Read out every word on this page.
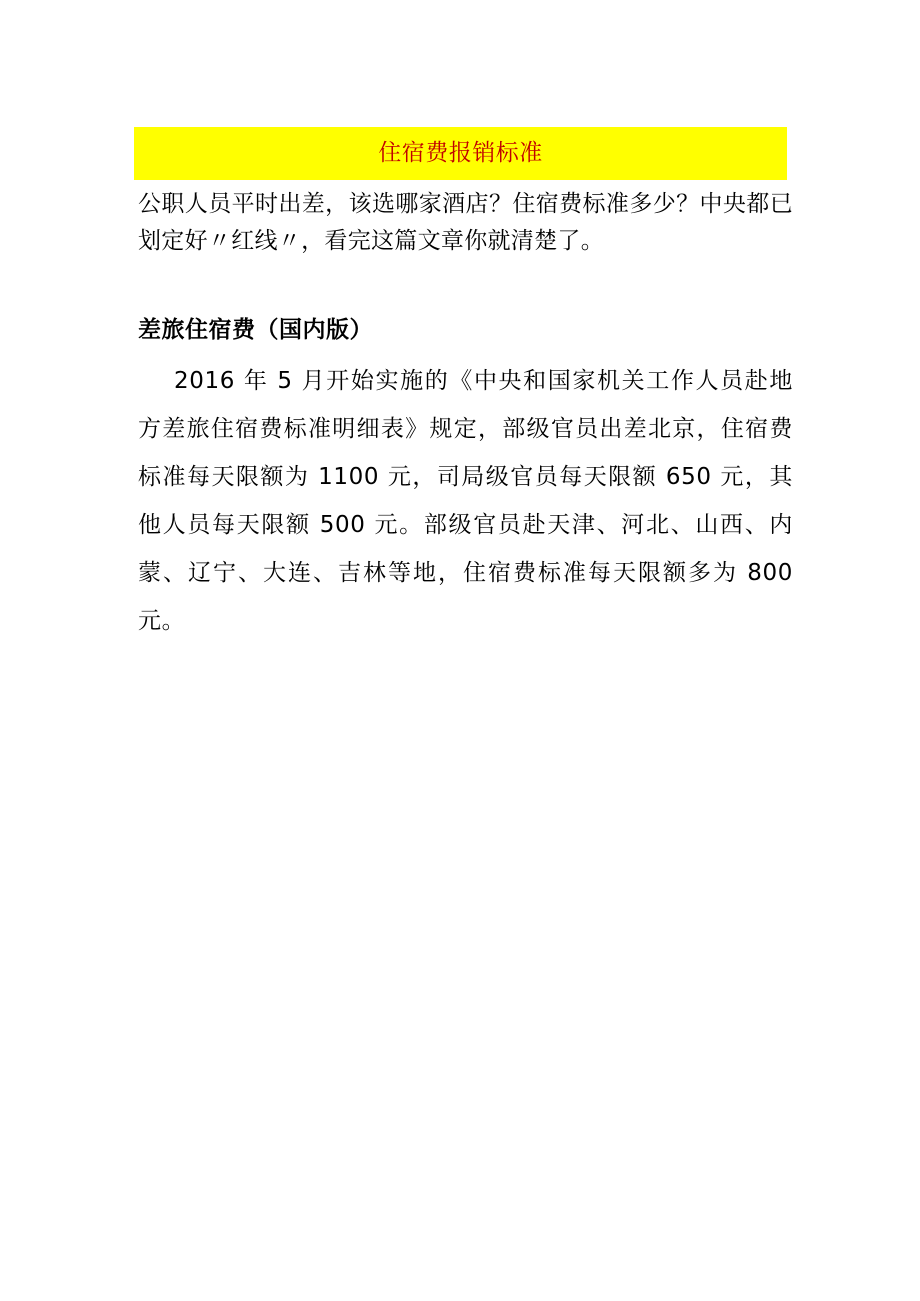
住宿费报销标准

公职人员平时出差，该选哪家酒店？住宿费标准多少？中央都已划定好〃红线〃，看完这篇文章你就清楚了。

差旅住宿费（国内版）

2016 年 5 月开始实施的《中央和国家机关工作人员赴地方差旅住宿费标准明细表》规定，部级官员出差北京，住宿费标准每天限额为 1100 元，司局级官员每天限额 650 元，其他人员每天限额 500 元。部级官员赴天津、河北、山西、内蒙、辽宁、大连、吉林等地，住宿费标准每天限额多为 800 元。
